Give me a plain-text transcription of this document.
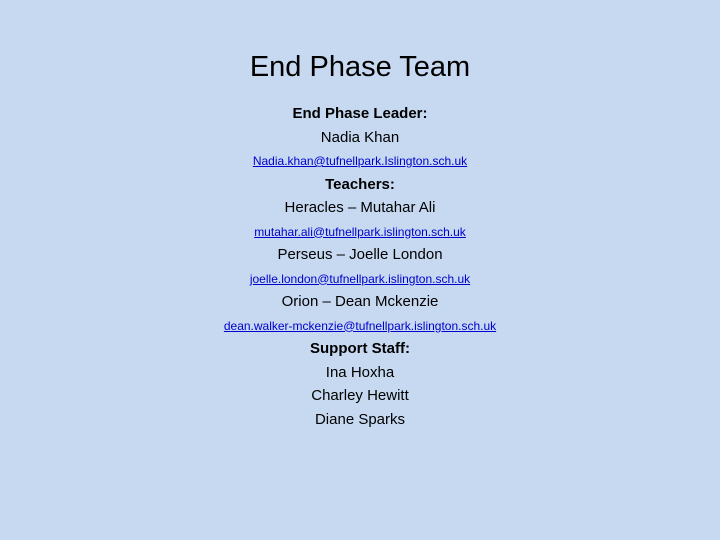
End Phase Team
End Phase Leader:
Nadia Khan
Nadia.khan@tufnellpark.Islington.sch.uk
Teachers:
Heracles – Mutahar Ali
mutahar.ali@tufnellpark.islington.sch.uk
Perseus – Joelle London
joelle.london@tufnellpark.islington.sch.uk
Orion – Dean Mckenzie
dean.walker-mckenzie@tufnellpark.islington.sch.uk
Support Staff:
Ina Hoxha
Charley Hewitt
Diane Sparks
